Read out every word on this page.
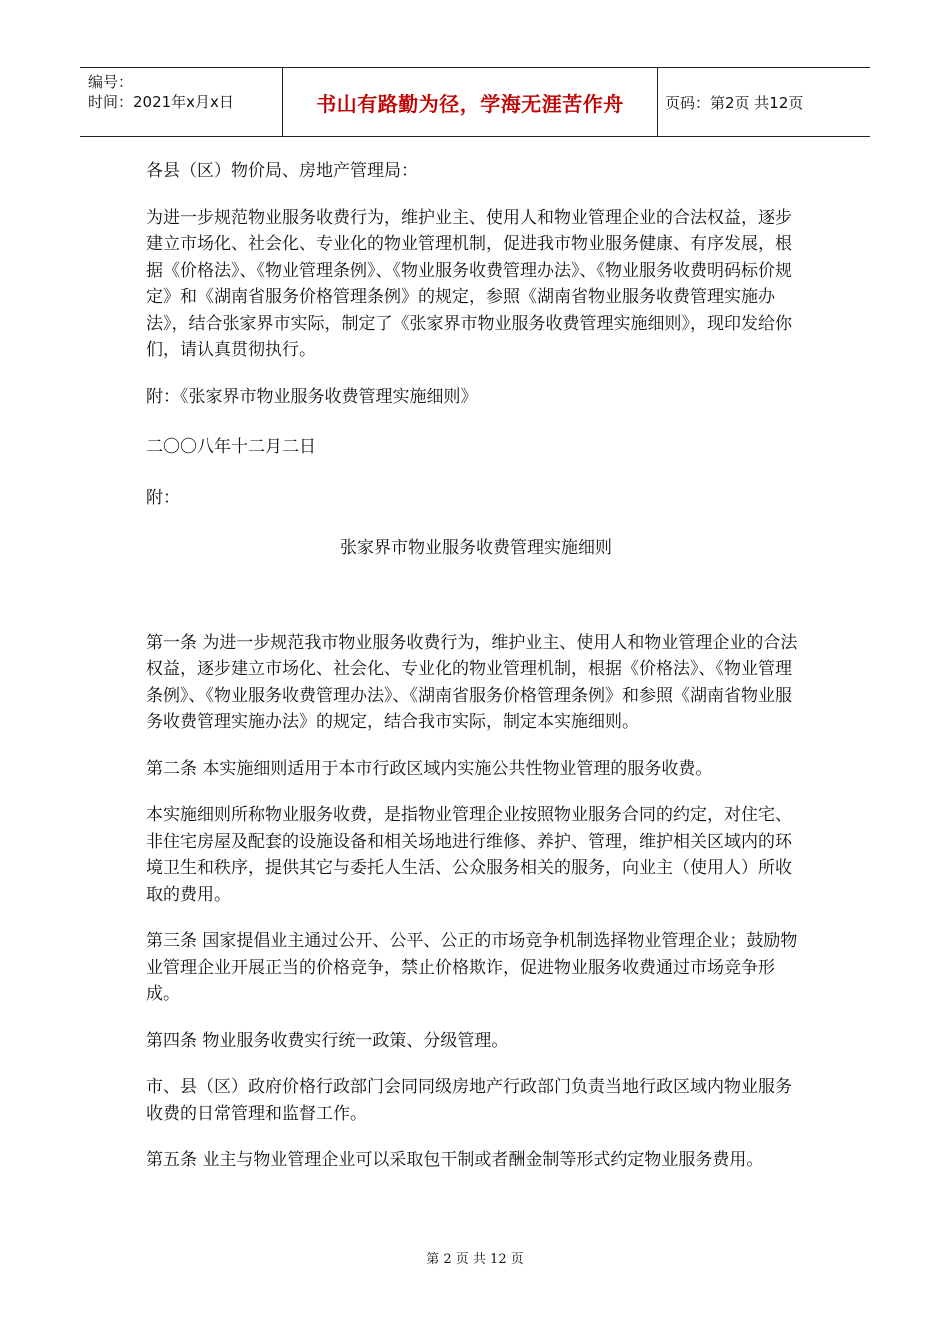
编号：
时间：2021年x月x日	书山有路勤为径，学海无涯苦作舟	页码：第2页 共12页

各县（区）物价局、房地产管理局：

为进一步规范物业服务收费行为，维护业主、使用人和物业管理企业的合法权益，逐步建立市场化、社会化、专业化的物业管理机制，促进我市物业服务健康、有序发展，根据《价格法》、《物业管理条例》、《物业服务收费管理办法》、《物业服务收费明码标价规定》和《湖南省服务价格管理条例》的规定，参照《湖南省物业服务收费管理实施办法》，结合张家界市实际，制定了《张家界市物业服务收费管理实施细则》，现印发给你们，请认真贯彻执行。

附：《张家界市物业服务收费管理实施细则》

二〇〇八年十二月二日

附：

张家界市物业服务收费管理实施细则

第一条 为进一步规范我市物业服务收费行为，维护业主、使用人和物业管理企业的合法权益，逐步建立市场化、社会化、专业化的物业管理机制，根据《价格法》、《物业管理条例》、《物业服务收费管理办法》、《湖南省服务价格管理条例》和参照《湖南省物业服务收费管理实施办法》的规定，结合我市实际，制定本实施细则。

第二条 本实施细则适用于本市行政区域内实施公共性物业管理的服务收费。

本实施细则所称物业服务收费，是指物业管理企业按照物业服务合同的约定，对住宅、非住宅房屋及配套的设施设备和相关场地进行维修、养护、管理，维护相关区域内的环境卫生和秩序，提供其它与委托人生活、公众服务相关的服务，向业主（使用人）所收取的费用。

第三条 国家提倡业主通过公开、公平、公正的市场竞争机制选择物业管理企业；鼓励物业管理企业开展正当的价格竞争，禁止价格欺诈，促进物业服务收费通过市场竞争形成。

第四条 物业服务收费实行统一政策、分级管理。

市、县（区）政府价格行政部门会同同级房地产行政部门负责当地行政区域内物业服务收费的日常管理和监督工作。

第五条 业主与物业管理企业可以采取包干制或者酬金制等形式约定物业服务费用。

第 2 页 共 12 页
